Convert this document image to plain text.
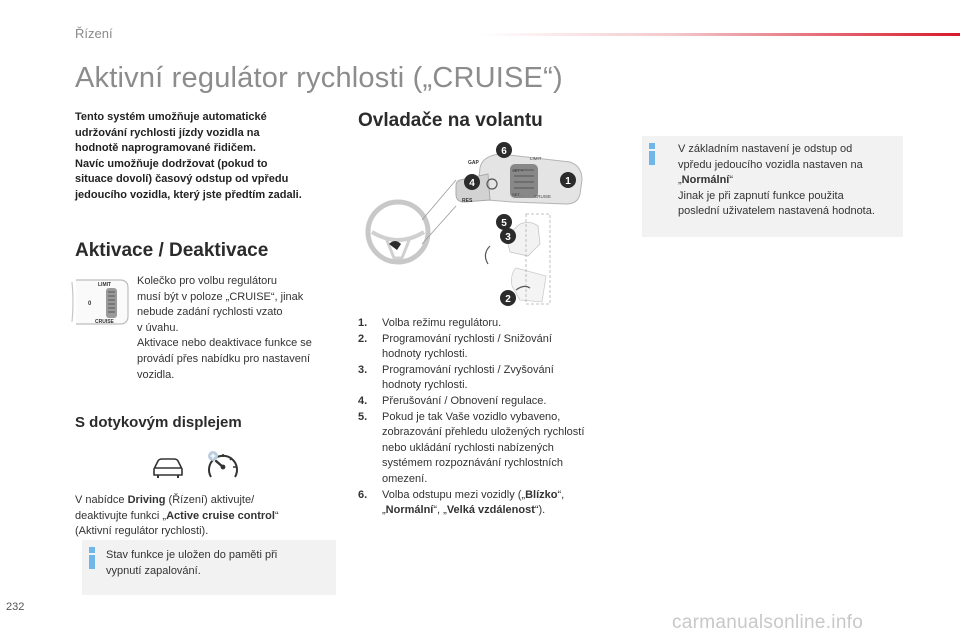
Řízení
Aktivní regulátor rychlosti („CRUISE“)
Tento systém umožňuje automatické
udržování rychlosti jízdy vozidla na
hodnotě naprogramované řidičem.
Navíc umožňuje dodržovat (pokud to
situace dovolí) časový odstup od vpředu
jedoucího vozidla, který jste předtím zadali.
Aktivace / Deaktivace
LIMIT
0
CRUISE
Kolečko pro volbu regulátoru
musí být v poloze „CRUISE“, jinak
nebude zadání rychlosti vzato
v úvahu.
Aktivace nebo deaktivace funkce se
provádí přes nabídku pro nastavení
vozidla.
S dotykovým displejem
V nabídce Driving (Řízení) aktivujte/
deaktivujte funkci „Active cruise control“
(Aktivní regulátor rychlosti).
Stav funkce je uložen do paměti při
vypnutí zapalování.
Ovladače na volantu
GAP
RES
LIMIT
SET +
SET -	CRUISE
6
4	1
5
3
2
1. Volba režimu regulátoru.
2. Programování rychlosti / Snižování
hodnoty rychlosti.
3. Programování rychlosti / Zvyšování
hodnoty rychlosti.
4. Přerušování / Obnovení regulace.
5. Pokud je tak Vaše vozidlo vybaveno,
zobrazování přehledu uložených rychlostí
nebo ukládání rychlosti nabízených
systémem rozpoznávání rychlostních
omezení.
6. Volba odstupu mezi vozidly („Blízko“,
„Normální“, „Velká vzdálenost“).
V základním nastavení je odstup od
vpředu jedoucího vozidla nastaven na
„Normální“
Jinak je při zapnutí funkce použita
poslední uživatelem nastavená hodnota.
232
carmanualsonline.info
